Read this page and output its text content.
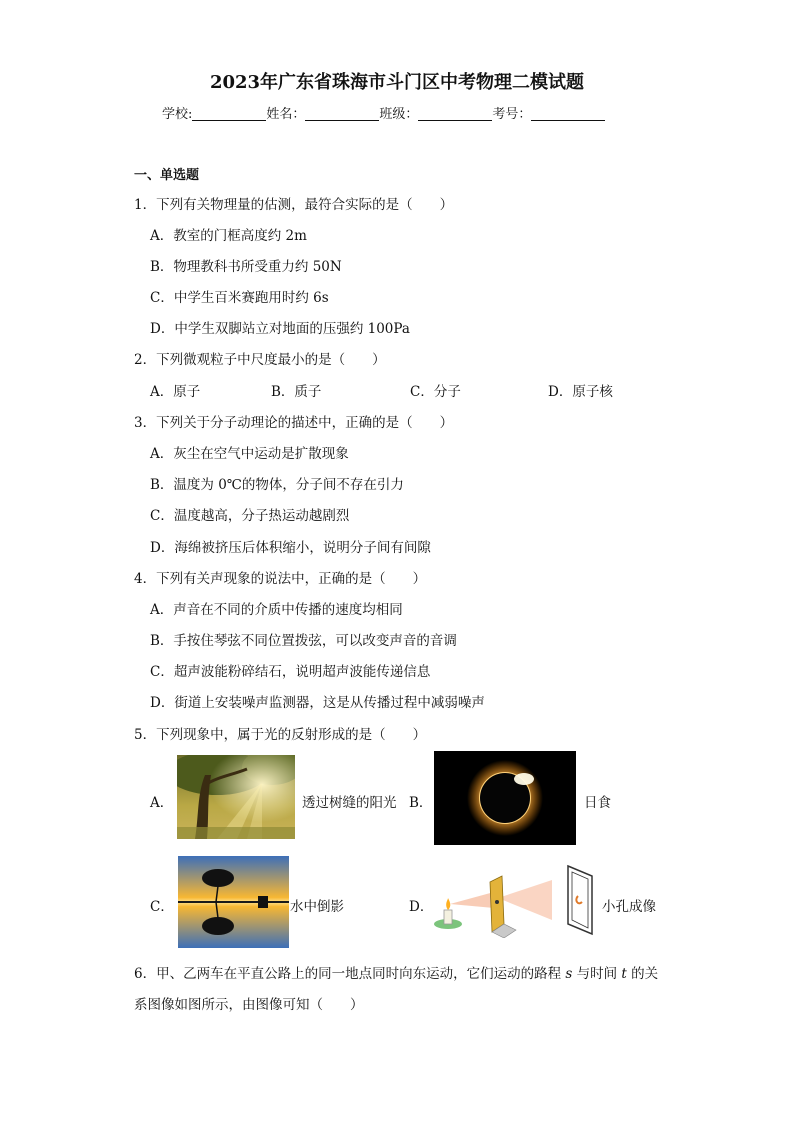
2023年广东省珠海市斗门区中考物理二模试题
学校:	姓名：	班级：	考号：
一、单选题
1．下列有关物理量的估测，最符合实际的是（　　）
A．教室的门框高度约 2m
B．物理教科书所受重力约 50N
C．中学生百米赛跑用时约 6s
D．中学生双脚站立对地面的压强约 100Pa
2．下列微观粒子中尺度最小的是（　　）
A．原子	B．质子	C．分子	D．原子核
3．下列关于分子动理论的描述中，正确的是（　　）
A．灰尘在空气中运动是扩散现象
B．温度为 0℃的物体，分子间不存在引力
C．温度越高，分子热运动越剧烈
D．海绵被挤压后体积缩小，说明分子间有间隙
4．下列有关声现象的说法中，正确的是（　　）
A．声音在不同的介质中传播的速度均相同
B．手按住琴弦不同位置拨弦，可以改变声音的音调
C．超声波能粉碎结石，说明超声波能传递信息
D．街道上安装噪声监测器，这是从传播过程中减弱噪声
5．下列现象中，属于光的反射形成的是（　　）
A．	透过树缝的阳光 B．	日食
C．	水中倒影	D．	小孔成像
6．甲、乙两车在平直公路上的同一地点同时向东运动，它们运动的路程 s 与时间 t 的关
系图像如图所示，由图像可知（　　）
